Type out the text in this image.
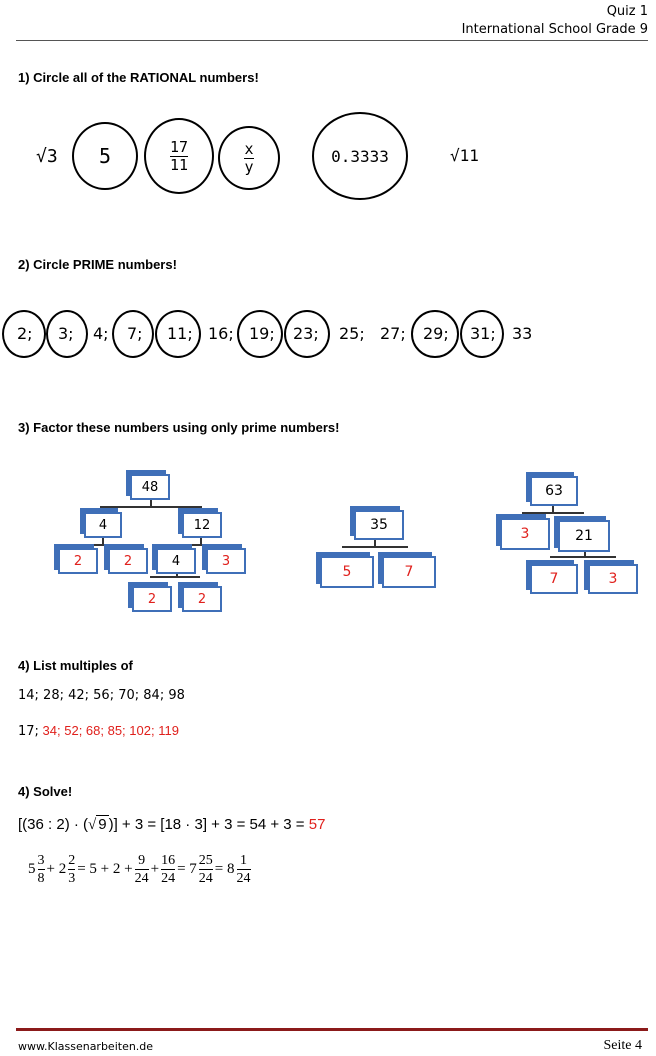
Quiz 1
International School Grade 9
1) Circle all of the RATIONAL numbers!
√3 5	$\frac{17}{11}$	$\frac{x}{y}$	0.3333	√11
2) Circle PRIME numbers!
2; 3; 4; 7; 11; 16; 19; 23; 25; 27; 29; 31; 33
3) Factor these numbers using only prime numbers!
48
4	12
2	2	4	3
2	2
35
5	7
63
3	21
7	3
4) List multiples of
14; 28; 42; 56; 70; 84; 98
17; 34; 52; 68; 85; 102; 119
4) Solve!
[(36 : 2) · (√ 9 )] + 3 = [18 · 3] + 3 = 54 + 3 = 57
$5 \frac{3}{8} + 2 \frac{2}{3} = 5 + 2 + \frac{9}{24} + \frac{16}{24} = 7 \frac{25}{24} = 8 \frac{1}{24}$
www.Klassenarbeiten.de	Seite 4
